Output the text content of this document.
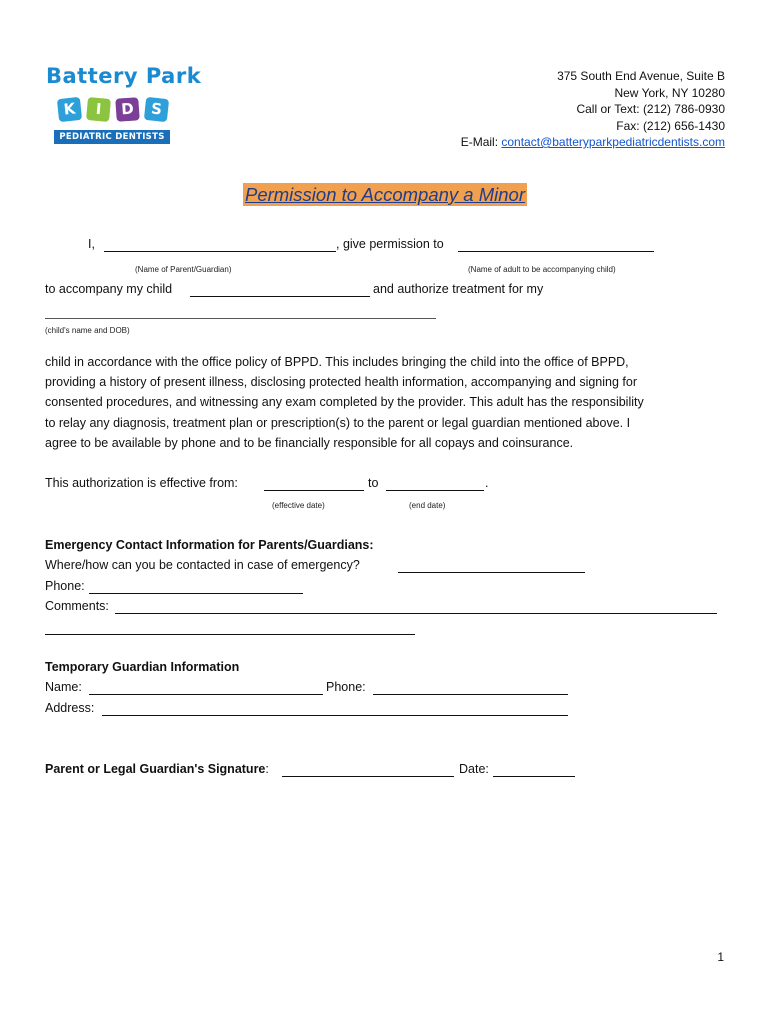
Battery Park
K	I	D	S
PEDIATRIC DENTISTS
375 South End Avenue, Suite B
New York, NY 10280
Call or Text: (212) 786-0930
Fax: (212) 656-1430
E-Mail: contact@batteryparkpediatricdentists.com
Permission to Accompany a Minor
I,	, give permission to
(Name of Parent/Guardian)	(Name of adult to be accompanying child)
to accompany my child	and authorize treatment for my
(child's name and DOB)
child in accordance with the office policy of BPPD. This includes bringing the child into the office of BPPD,
providing a history of present illness, disclosing protected health information, accompanying and signing for
consented procedures, and witnessing any exam completed by the provider. This adult has the responsibility
to relay any diagnosis, treatment plan or prescription(s) to the parent or legal guardian mentioned above. I
agree to be available by phone and to be financially responsible for all copays and coinsurance.
This authorization is effective from:	to	.
(effective date)	(end date)
Emergency Contact Information for Parents/Guardians:
Where/how can you be contacted in case of emergency?
Phone:
Comments:
Temporary Guardian Information
Name:	Phone:
Address:
Parent or Legal Guardian's Signature:	Date:
1
